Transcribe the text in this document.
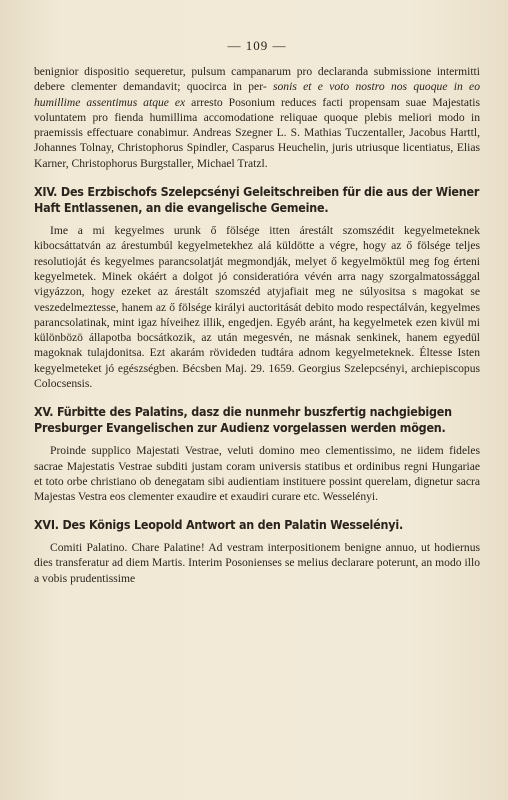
— 109 —

benignior dispositio sequeretur, pulsum campanarum pro declaranda submissione intermitti debere clementer demandavit; quocirca in per- sonis et e voto nostro nos quoque in eo humillime assentimus atque ex arresto Posonium reduces facti propensam suae Majestatis voluntatem pro fienda humillima accomodatione reliquae quoque plebis meliori modo in praemissis effectuare conabimur. Andreas Szegner L. S. Mathias Tuczentaller, Jacobus Harttl, Johannes Tolnay, Christophorus Spindler, Casparus Heuchelin, juris utriusque licentiatus, Elias Karner, Christophorus Burgstaller, Michael Tratzl.

XIV. Des Erzbischofs Szelepcsényi Geleitschreiben für die aus der Wiener Haft Entlassenen, an die evangelische Gemeine.

Ime a mi kegyelmes urunk ő fölsége itten árestált szomszédit kegyelmeteknek kibocsáttatván az árestumbúl kegyelmetekhez alá küldötte a végre, hogy az ő fölsége teljes resolutioját és kegyelmes parancsolatját megmondják, melyet ő kegyelmöktül meg fog érteni kegyelmetek. Minek okáért a dolgot jó consideratióra vévén arra nagy szorgalmatossággal vigyázzon, hogy ezeket az árestált szomszéd atyjafiait meg ne súlyositsa s magokat se veszedelmeztesse, hanem az ő fölsége királyi auctoritását debito modo respectálván, kegyelmes parancsolatinak, mint igaz híveihez illik, engedjen. Egyéb aránt, ha kegyelmetek ezen kivül mi különbözö állapotba bocsátkozik, az után megesvén, ne másnak senkinek, hanem egyedül magoknak tulajdonitsa. Ezt akarám rövideden tudtára adnom kegyelmeteknek. Éltesse Isten kegyelmeteket jó egészségben. Bécsben Maj. 29. 1659. Georgius Szelepcsényi, archiepiscopus Colocsensis.

XV. Fürbitte des Palatins, dasz die nunmehr buszfertig nachgiebigen Presburger Evangelischen zur Audienz vorgelassen werden mögen.

Proinde supplico Majestati Vestrae, veluti domino meo clementissimo, ne iidem fideles sacrae Majestatis Vestrae subditi justam coram universis statibus et ordinibus regni Hungariae et toto orbe christiano ob denegatam sibi audientiam instituere possint querelam, dignetur sacra Majestas Vestra eos clementer exaudire et exaudiri curare etc. Wesselényi.

XVI. Des Königs Leopold Antwort an den Palatin Wesselényi.

Comiti Palatino. Chare Palatine! Ad vestram interpositionem benigne annuo, ut hodiernus dies transferatur ad diem Martis. Interim Posonienses se melius declarare poterunt, an modo illo a vobis prudentissime
